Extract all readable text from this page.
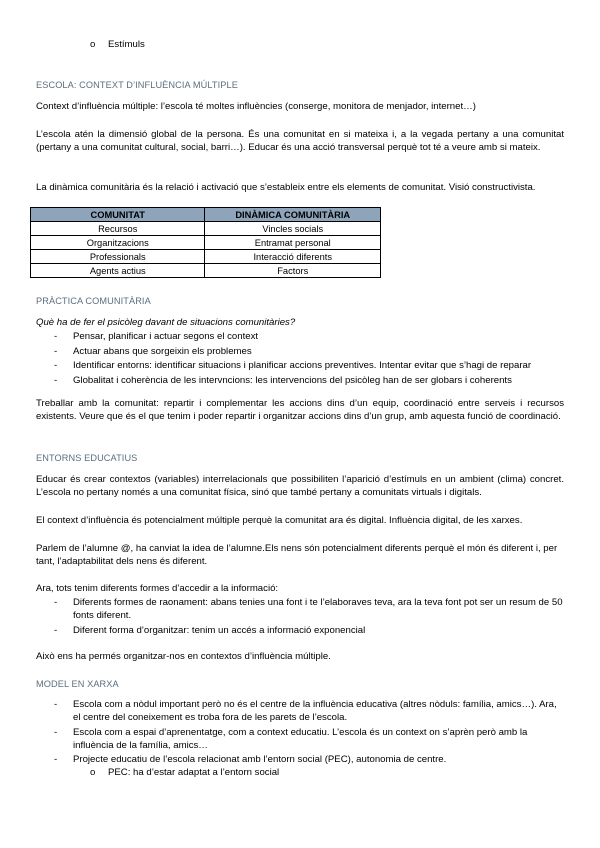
o Estímuls
ESCOLA: CONTEXT D’INFLUÈNCIA MÚLTIPLE
Context d’influència múltiple: l’escola té moltes influències (conserge, monitora de menjador, internet…)
L’escola atén la dimensió global de la persona. És una comunitat en si mateixa i, a la vegada pertany a una comunitat (pertany a una comunitat cultural, social, barri…). Educar és una acció transversal perquè tot té a veure amb si mateix.
La dinàmica comunitària és la relació i activació que s’estableix entre els elements de comunitat. Visió constructivista.
COMUNITAT	DINÀMICA COMUNITÀRIA
Recursos	Vincles socials
Organitzacions	Entramat personal
Professionals	Interacció diferents
Agents actius	Factors
PRÀCTICA COMUNITÀRIA
Què ha de fer el psicòleg davant de situacions comunitàries?
- Pensar, planificar i actuar segons el context
- Actuar abans que sorgeixin els problemes
- Identificar entorns: identificar situacions i planificar accions preventives. Intentar evitar que s’hagi de reparar
- Globalitat i coherència de les intervncions: les intervencions del psicòleg han de ser globars i coherents
Treballar amb la comunitat: repartir i complementar les accions dins d’un equip, coordinació entre serveis i recursos existents. Veure que és el que tenim i poder repartir i organitzar accions dins d’un grup, amb aquesta funció de coordinació.
ENTORNS EDUCATIUS
Educar és crear contextos (variables) interrelacionals que possibiliten l’aparició d’estímuls en un ambient (clima) concret. L’escola no pertany només a una comunitat física, sinó que també pertany a comunitats virtuals i digitals.
El context d’influència és potencialment múltiple perquè la comunitat ara és digital. Influència digital, de les xarxes.
Parlem de l’alumne @, ha canviat la idea de l’alumne.Els nens són potencialment diferents perquè el món és diferent i, per tant, l’adaptabilitat dels nens és diferent.
Ara, tots tenim diferents formes d’accedir a la informació:
- Diferents formes de raonament: abans tenies una font i te l’elaboraves teva, ara la teva font pot ser un resum de 50 fonts diferent.
- Diferent forma d’organitzar: tenim un accés a informació exponencial
Això ens ha permés organitzar-nos en contextos d’influència múltiple.
MODEL EN XARXA
- Escola com a nòdul important però no és el centre de la influència educativa (altres nòduls: família, amics…). Ara, el centre del coneixement es troba fora de les parets de l’escola.
- Escola com a espai d’aprenentatge, com a context educatiu. L’escola és un context on s’aprèn però amb la influència de la família, amics…
- Projecte educatiu de l’escola relacionat amb l’entorn social (PEC), autonomia de centre.
o PEC: ha d’estar adaptat a l’entorn social
